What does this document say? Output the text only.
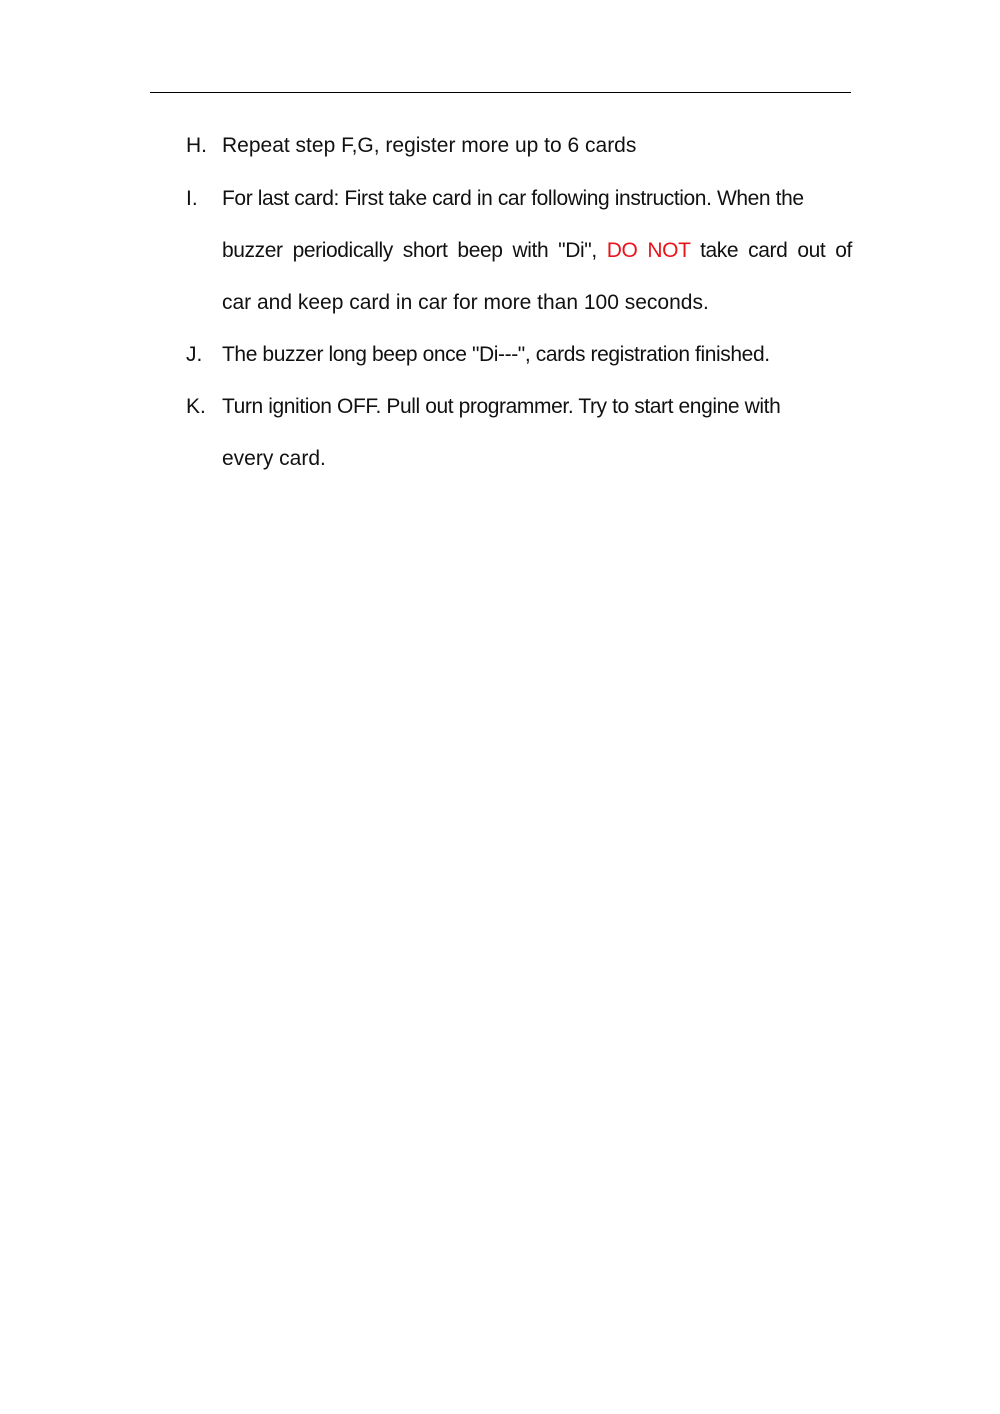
H. Repeat step F,G, register more up to 6 cards
I.	For last card: First take card in car following instruction. When the
buzzer periodically short beep with "Di", DO NOT take card out of
car and keep card in car for more than 100 seconds.
J. The buzzer long beep once "Di---", cards registration finished.
K. Turn ignition OFF. Pull out programmer. Try to start engine with
every card.
